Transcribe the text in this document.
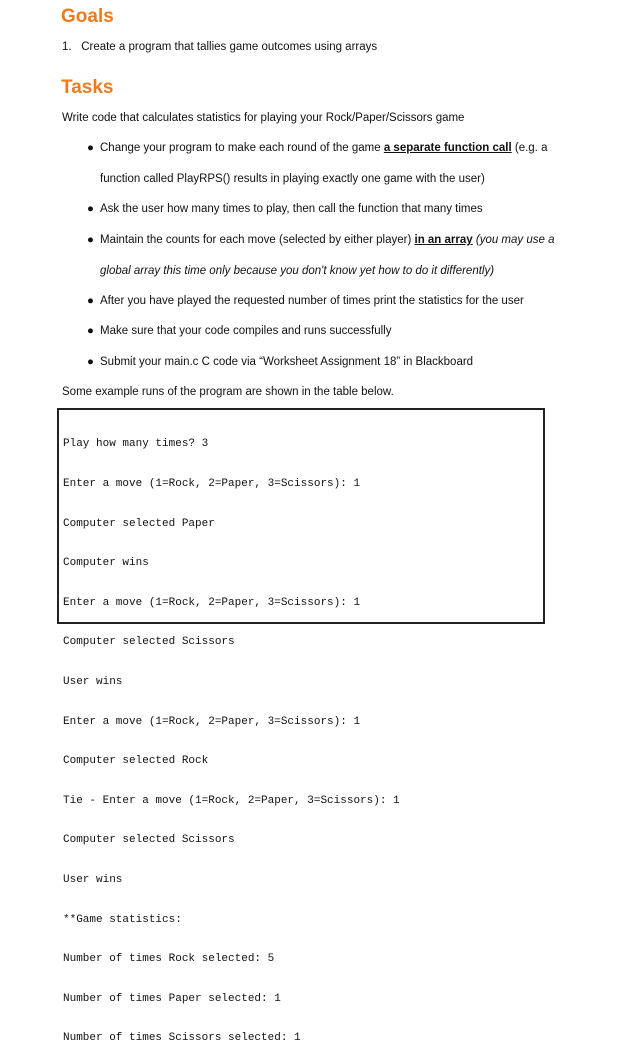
Goals
1. Create a program that tallies game outcomes using arrays
Tasks
Write code that calculates statistics for playing your Rock/Paper/Scissors game
● Change your program to make each round of the game a separate function call (e.g. a
function called PlayRPS() results in playing exactly one game with the user)
● Ask the user how many times to play, then call the function that many times
● Maintain the counts for each move (selected by either player) in an array (you may use a
global array this time only because you don't know yet how to do it differently)
● After you have played the requested number of times print the statistics for the user
● Make sure that your code compiles and runs successfully
● Submit your main.c C code via “Worksheet Assignment 18” in Blackboard
Some example runs of the program are shown in the table below.

Play how many times? 3

Enter a move (1=Rock, 2=Paper, 3=Scissors): 1

Computer selected Paper

Computer wins

Enter a move (1=Rock, 2=Paper, 3=Scissors): 1

Computer selected Scissors

User wins

Enter a move (1=Rock, 2=Paper, 3=Scissors): 1

Computer selected Rock

Tie - Enter a move (1=Rock, 2=Paper, 3=Scissors): 1

Computer selected Scissors

User wins

**Game statistics:

Number of times Rock selected: 5

Number of times Paper selected: 1

Number of times Scissors selected: 1
